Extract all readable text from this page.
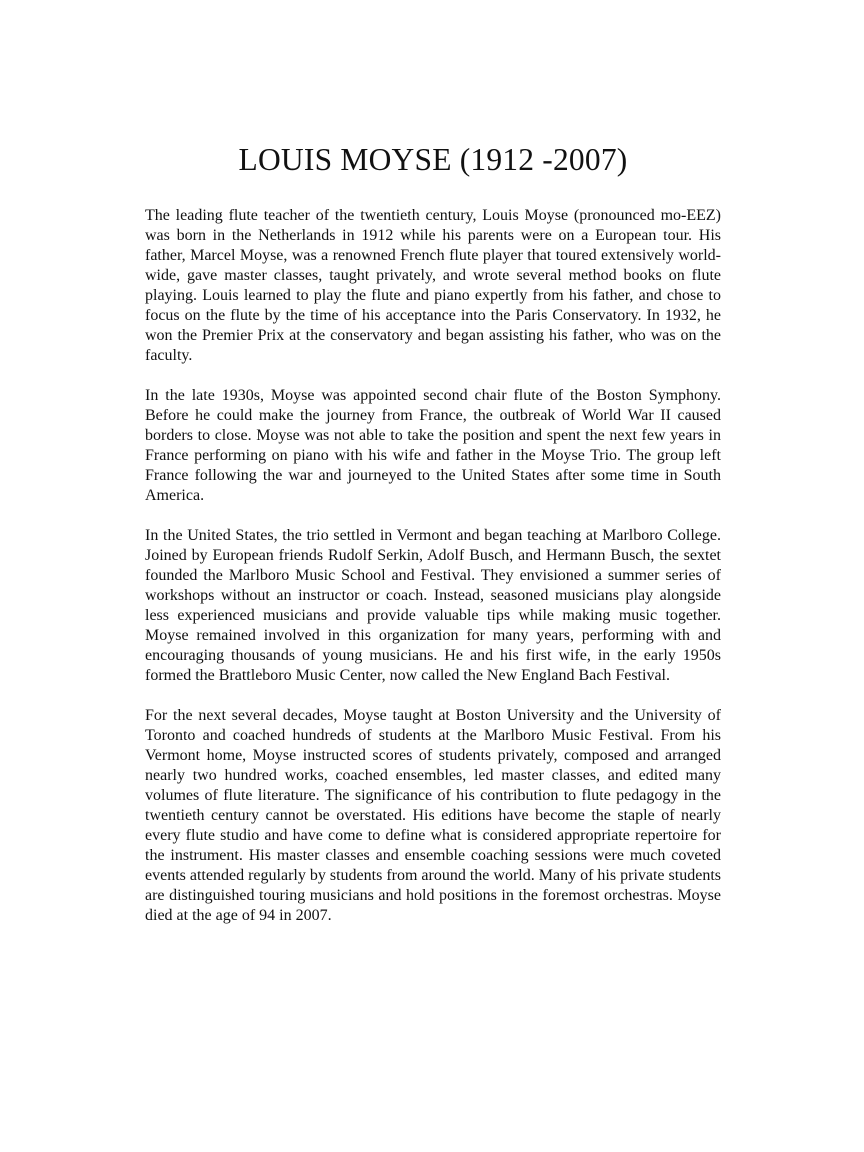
LOUIS MOYSE (1912 -2007)

The leading flute teacher of the twentieth century, Louis Moyse (pronounced mo-EEZ) was born in the Netherlands in 1912 while his parents were on a European tour. His father, Marcel Moyse, was a renowned French flute player that toured extensively world-wide, gave master classes, taught privately, and wrote several method books on flute playing. Louis learned to play the flute and piano expertly from his father, and chose to focus on the flute by the time of his acceptance into the Paris Conservatory. In 1932, he won the Premier Prix at the conservatory and began assisting his father, who was on the faculty.

In the late 1930s, Moyse was appointed second chair flute of the Boston Symphony. Before he could make the journey from France, the outbreak of World War II caused borders to close. Moyse was not able to take the position and spent the next few years in France performing on piano with his wife and father in the Moyse Trio. The group left France following the war and journeyed to the United States after some time in South America.

In the United States, the trio settled in Vermont and began teaching at Marlboro College. Joined by European friends Rudolf Serkin, Adolf Busch, and Hermann Busch, the sextet founded the Marlboro Music School and Festival. They envisioned a summer series of workshops without an instructor or coach. Instead, seasoned musicians play alongside less experienced musicians and provide valuable tips while making music together. Moyse remained involved in this organization for many years, performing with and encouraging thousands of young musicians. He and his first wife, in the early 1950s formed the Brattleboro Music Center, now called the New England Bach Festival.

For the next several decades, Moyse taught at Boston University and the University of Toronto and coached hundreds of students at the Marlboro Music Festival. From his Vermont home, Moyse instructed scores of students privately, composed and arranged nearly two hundred works, coached ensembles, led master classes, and edited many volumes of flute literature. The significance of his contribution to flute pedagogy in the twentieth century cannot be overstated. His editions have become the staple of nearly every flute studio and have come to define what is considered appropriate repertoire for the instrument. His master classes and ensemble coaching sessions were much coveted events attended regularly by students from around the world. Many of his private students are distinguished touring musicians and hold positions in the foremost orchestras. Moyse died at the age of 94 in 2007.
